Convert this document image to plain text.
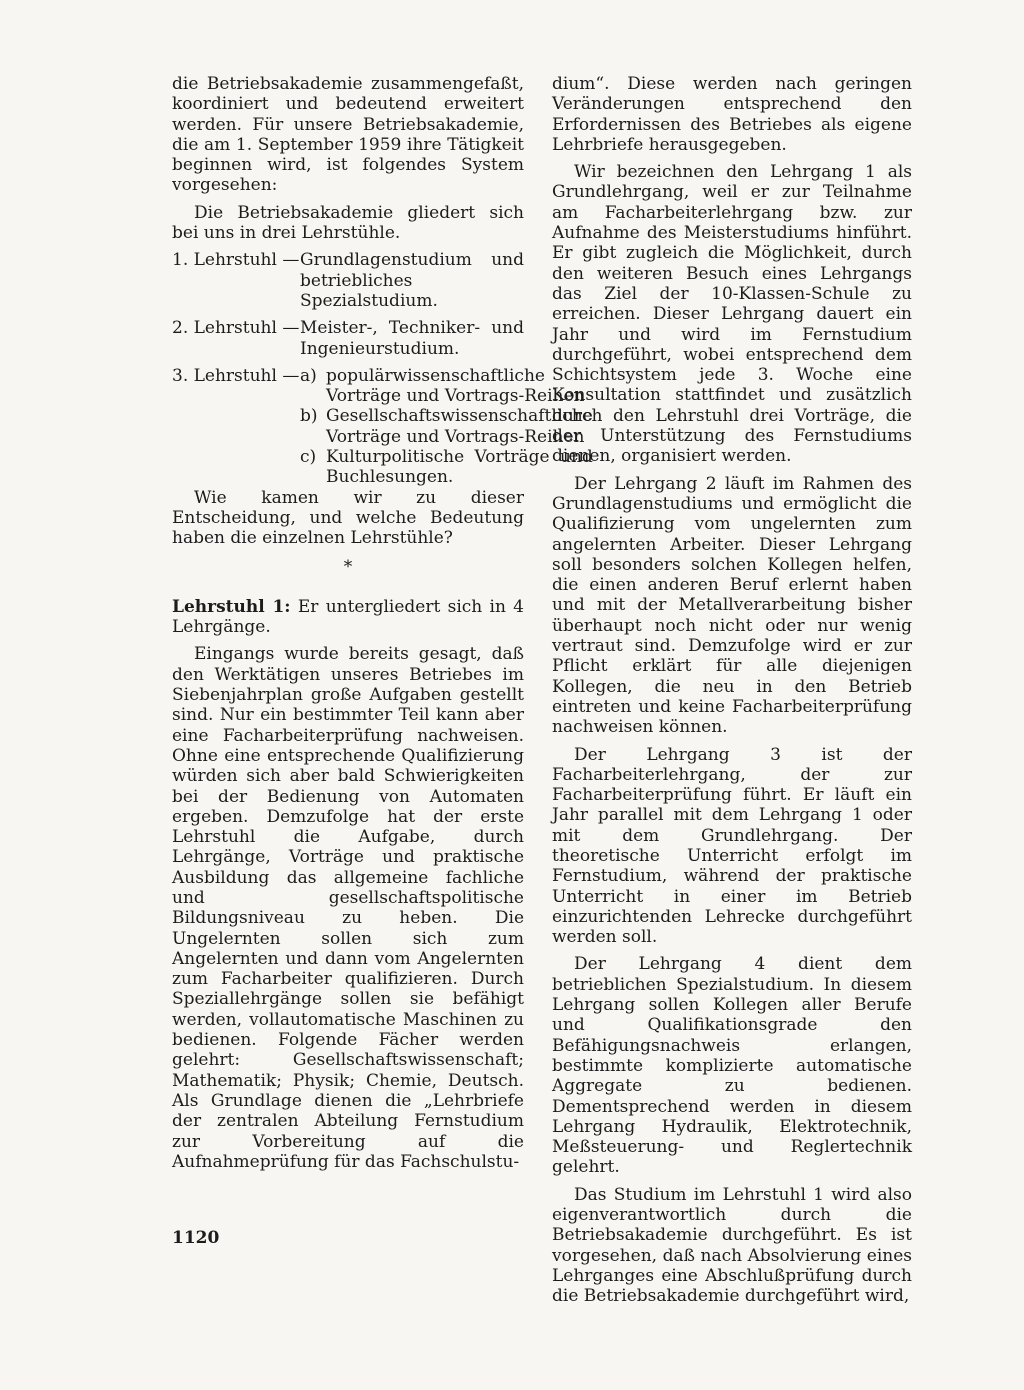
die Betriebsakademie zusammengefaßt, koordiniert und bedeutend erweitert werden. Für unsere Betriebsakademie, die am 1. September 1959 ihre Tätigkeit beginnen wird, ist folgendes System vorgesehen:

Die Betriebsakademie gliedert sich bei uns in drei Lehrstühle.

1. Lehrstuhl — Grundlagenstudium und betriebliches Spezialstudium.
2. Lehrstuhl — Meister-, Techniker- und Ingenieurstudium.
3. Lehrstuhl — a) populärwissenschaftliche Vorträge und Vortrags-Reihen
b) Gesellschaftswissenschaftliche Vorträge und Vortrags-Reihen
c) Kulturpolitische Vorträge und Buchlesungen.

Wie kamen wir zu dieser Entscheidung, und welche Bedeutung haben die einzelnen Lehrstühle?

*

Lehrstuhl 1: Er untergliedert sich in 4 Lehrgänge.

Eingangs wurde bereits gesagt, daß den Werktätigen unseres Betriebes im Siebenjahrplan große Aufgaben gestellt sind. Nur ein bestimmter Teil kann aber eine Facharbeiterprüfung nachweisen. Ohne eine entsprechende Qualifizierung würden sich aber bald Schwierigkeiten bei der Bedienung von Automaten ergeben. Demzufolge hat der erste Lehrstuhl die Aufgabe, durch Lehrgänge, Vorträge und praktische Ausbildung das allgemeine fachliche und gesellschaftspolitische Bildungsniveau zu heben. Die Ungelernten sollen sich zum Angelernten und dann vom Angelernten zum Facharbeiter qualifizieren. Durch Speziallehrgänge sollen sie befähigt werden, vollautomatische Maschinen zu bedienen. Folgende Fächer werden gelehrt: Gesellschaftswissenschaft; Mathematik; Physik; Chemie, Deutsch. Als Grundlage dienen die „Lehrbriefe der zentralen Abteilung Fernstudium zur Vorbereitung auf die Aufnahmeprüfung für das Fachschulstu-

dium“. Diese werden nach geringen Veränderungen entsprechend den Erfordernissen des Betriebes als eigene Lehrbriefe herausgegeben.

Wir bezeichnen den Lehrgang 1 als Grundlehrgang, weil er zur Teilnahme am Facharbeiterlehrgang bzw. zur Aufnahme des Meisterstudiums hinführt. Er gibt zugleich die Möglichkeit, durch den weiteren Besuch eines Lehrgangs das Ziel der 10-Klassen-Schule zu erreichen. Dieser Lehrgang dauert ein Jahr und wird im Fernstudium durchgeführt, wobei entsprechend dem Schichtsystem jede 3. Woche eine Konsultation stattfindet und zusätzlich durch den Lehrstuhl drei Vorträge, die der Unterstützung des Fernstudiums dienen, organisiert werden.

Der Lehrgang 2 läuft im Rahmen des Grundlagenstudiums und ermöglicht die Qualifizierung vom ungelernten zum angelernten Arbeiter. Dieser Lehrgang soll besonders solchen Kollegen helfen, die einen anderen Beruf erlernt haben und mit der Metallverarbeitung bisher überhaupt noch nicht oder nur wenig vertraut sind. Demzufolge wird er zur Pflicht erklärt für alle diejenigen Kollegen, die neu in den Betrieb eintreten und keine Facharbeiterprüfung nachweisen können.

Der Lehrgang 3 ist der Facharbeiterlehrgang, der zur Facharbeiterprüfung führt. Er läuft ein Jahr parallel mit dem Lehrgang 1 oder mit dem Grundlehrgang. Der theoretische Unterricht erfolgt im Fernstudium, während der praktische Unterricht in einer im Betrieb einzurichtenden Lehrecke durchgeführt werden soll.

Der Lehrgang 4 dient dem betrieblichen Spezialstudium. In diesem Lehrgang sollen Kollegen aller Berufe und Qualifikationsgrade den Befähigungsnachweis erlangen, bestimmte komplizierte automatische Aggregate zu bedienen. Dementsprechend werden in diesem Lehrgang Hydraulik, Elektrotechnik, Meßsteuerung- und Reglertechnik gelehrt.

Das Studium im Lehrstuhl 1 wird also eigenverantwortlich durch die Betriebsakademie durchgeführt. Es ist vorgesehen, daß nach Absolvierung eines Lehrganges eine Abschlußprüfung durch die Betriebsakademie durchgeführt wird,

1120
